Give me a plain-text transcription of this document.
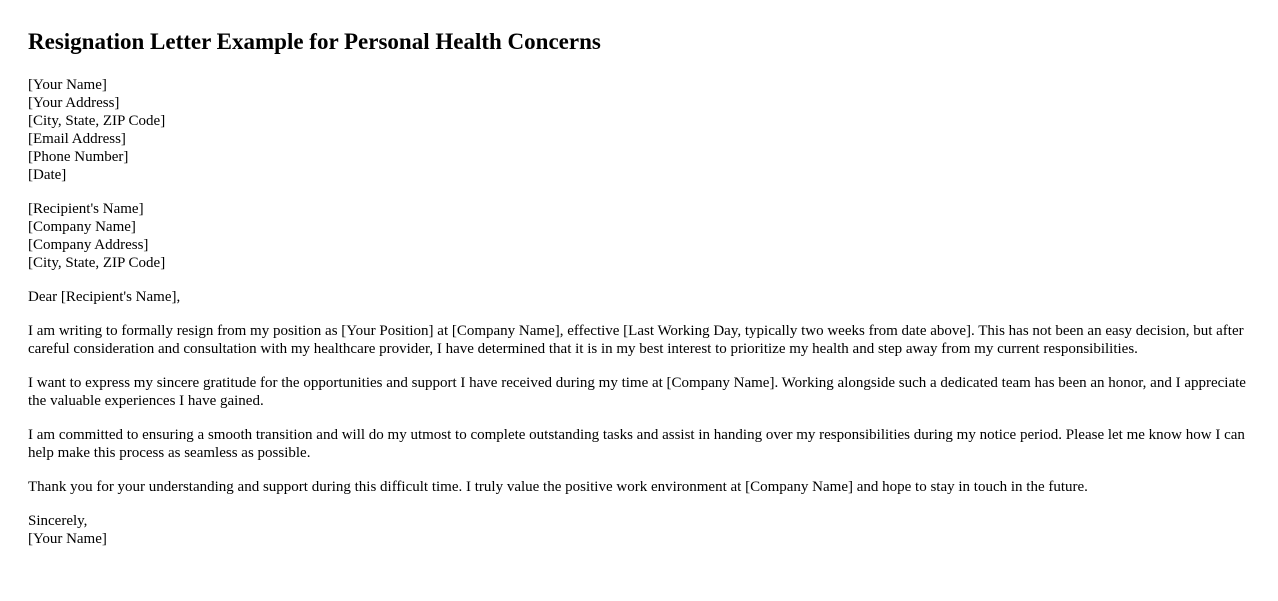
Resignation Letter Example for Personal Health Concerns
[Your Name]
[Your Address]
[City, State, ZIP Code]
[Email Address]
[Phone Number]
[Date]
[Recipient's Name]
[Company Name]
[Company Address]
[City, State, ZIP Code]
Dear [Recipient's Name],

I am writing to formally resign from my position as [Your Position] at [Company Name], effective [Last Working Day, typically two weeks from date above]. This has not been an easy decision, but after careful consideration and consultation with my healthcare provider, I have determined that it is in my best interest to prioritize my health and step away from my current responsibilities.

I want to express my sincere gratitude for the opportunities and support I have received during my time at [Company Name]. Working alongside such a dedicated team has been an honor, and I appreciate the valuable experiences I have gained.

I am committed to ensuring a smooth transition and will do my utmost to complete outstanding tasks and assist in handing over my responsibilities during my notice period. Please let me know how I can help make this process as seamless as possible.

Thank you for your understanding and support during this difficult time. I truly value the positive work environment at [Company Name] and hope to stay in touch in the future.

Sincerely,
[Your Name]
